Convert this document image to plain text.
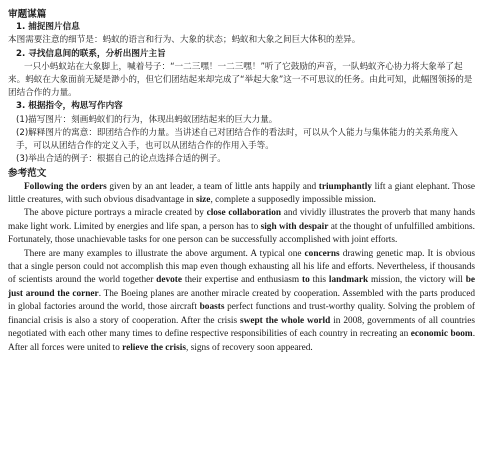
审题谋篇

1. 捕捉图片信息

本图需要注意的细节是：蚂蚁的语言和行为、大象的状态；蚂蚁和大象之间巨大体积的差异。

2. 寻找信息间的联系，分析出图片主旨

一只小蚂蚁站在大象脚上，喊着号子：“一二三嘿！一二三嘿！”听了它鼓励的声音，一队蚂蚁齐心协力将大象举了起来。蚂蚁在大象面前无疑是渺小的，但它们团结起来却完成了“举起大象”这一不可思议的任务。由此可知，此幅图领扬的是团结合作的力量。

3. 根据指令，构思写作内容

(1)描写图片：刻画蚂蚁们的行为，体现出蚂蚁团结起来的巨大力量。

(2)解释图片的寓意：即团结合作的力量。当讲述自己对团结合作的看法时，可以从个人能力与集体能力的关系角度入手，可以从团结合作的定义入手，也可以从团结合作的作用入手等。

(3)举出合适的例子：根据自己的论点选择合适的例子。

参考范文

Following the orders given by an ant leader, a team of little ants happily and triumphantly lift a giant elephant. Those little creatures, with such obvious disadvantage in size, complete a supposedly impossible mission.

The above picture portrays a miracle created by close collaboration and vividly illustrates the proverb that many hands make light work. Limited by energies and life span, a person has to sigh with despair at the thought of unfulfilled ambitions. Fortunately, those unachievable tasks for one person can be successfully accomplished with joint efforts.

There are many examples to illustrate the above argument. A typical one concerns drawing genetic map. It is obvious that a single person could not accomplish this map even though exhausting all his life and efforts. Nevertheless, if thousands of scientists around the world together devote their expertise and enthusiasm to this landmark mission, the victory will be just around the corner. The Boeing planes are another miracle created by cooperation. Assembled with the parts produced in global factories around the world, those aircraft boasts perfect functions and trust-worthy quality. Solving the problem of financial crisis is also a story of cooperation. After the crisis swept the whole world in 2008, governments of all countries negotiated with each other many times to define respective responsibilities of each country in recreating an economic boom. After all forces were united to relieve the crisis, signs of recovery soon appeared.
